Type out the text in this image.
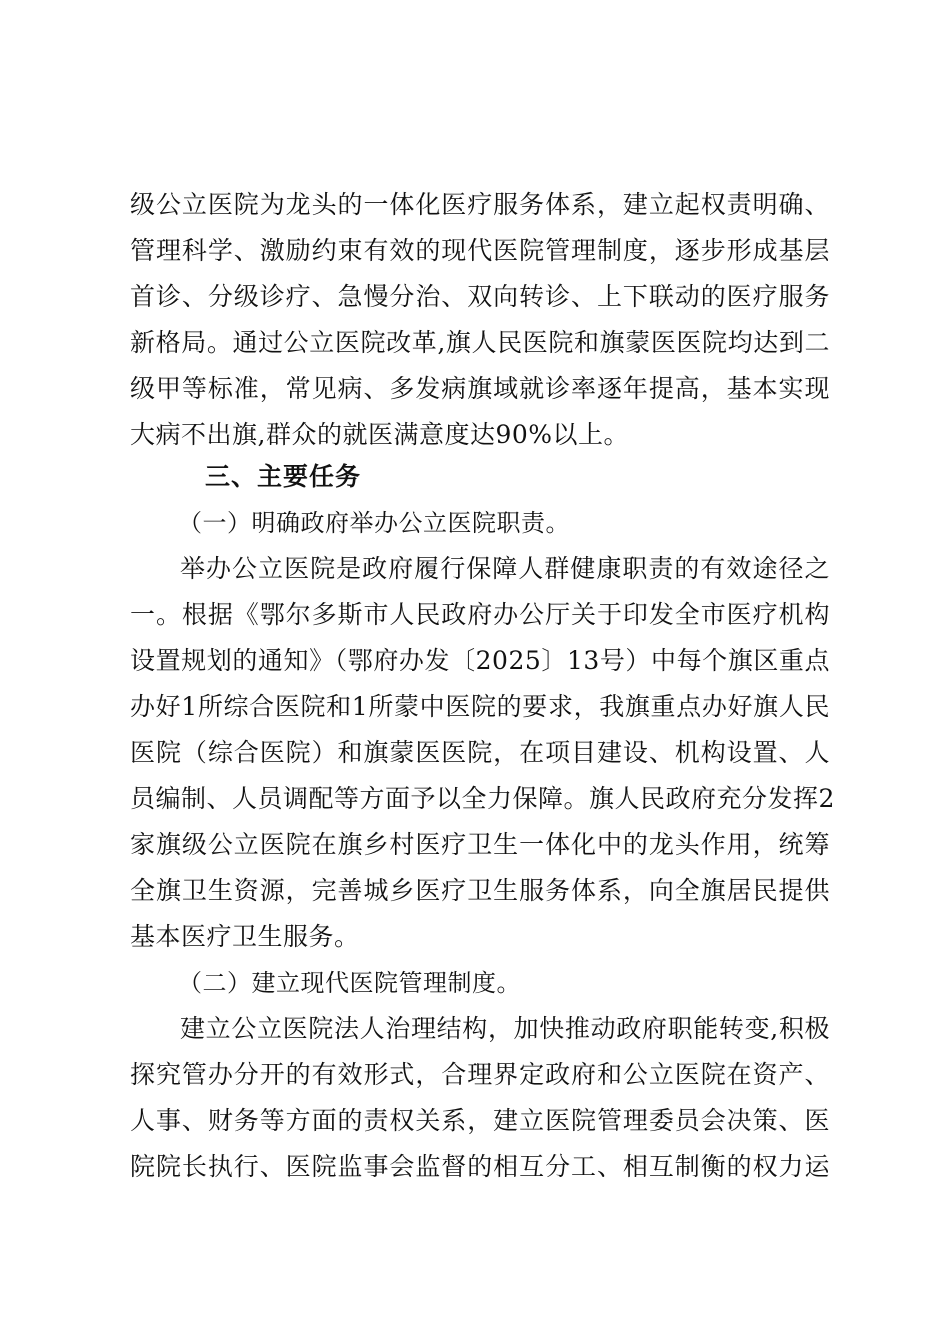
级公立医院为龙头的一体化医疗服务体系，建立起权责明确、
管理科学、激励约束有效的现代医院管理制度，逐步形成基层
首诊、分级诊疗、急慢分治、双向转诊、上下联动的医疗服务
新格局。通过公立医院改革,旗人民医院和旗蒙医医院均达到二
级甲等标准，常见病、多发病旗域就诊率逐年提高，基本实现
大病不出旗,群众的就医满意度达90%以上。
三、主要任务
（一）明确政府举办公立医院职责。
举办公立医院是政府履行保障人群健康职责的有效途径之
一。根据《鄂尔多斯市人民政府办公厅关于印发全市医疗机构
设置规划的通知》（鄂府办发〔2025〕13号）中每个旗区重点
办好1所综合医院和1所蒙中医院的要求，我旗重点办好旗人民
医院（综合医院）和旗蒙医医院，在项目建设、机构设置、人
员编制、人员调配等方面予以全力保障。旗人民政府充分发挥2
家旗级公立医院在旗乡村医疗卫生一体化中的龙头作用，统筹
全旗卫生资源，完善城乡医疗卫生服务体系，向全旗居民提供
基本医疗卫生服务。
（二）建立现代医院管理制度。
建立公立医院法人治理结构，加快推动政府职能转变,积极
探究管办分开的有效形式，合理界定政府和公立医院在资产、
人事、财务等方面的责权关系，建立医院管理委员会决策、医
院院长执行、医院监事会监督的相互分工、相互制衡的权力运
